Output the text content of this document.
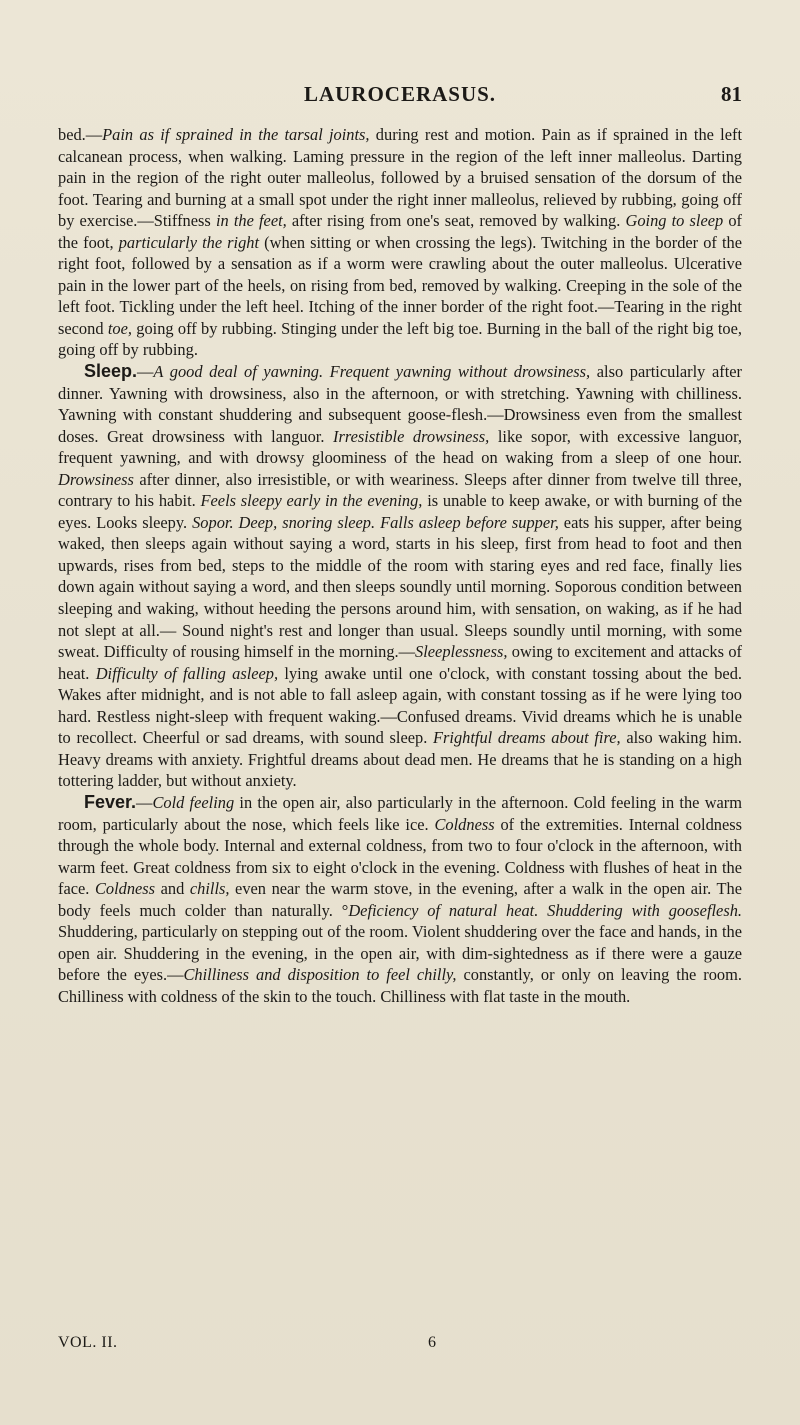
LAUROCERASUS.	81

bed.—Pain as if sprained in the tarsal joints, during rest and motion. Pain as if sprained in the left calcanean process, when walking. Laming pressure in the region of the left inner malleolus. Darting pain in the region of the right outer malleolus, followed by a bruised sensation of the dorsum of the foot. Tearing and burning at a small spot under the right inner malleolus, relieved by rubbing, going off by exercise.—Stiffness in the feet, after rising from one's seat, removed by walking. Going to sleep of the foot, particularly the right (when sitting or when crossing the legs). Twitching in the border of the right foot, followed by a sensation as if a worm were crawling about the outer malleolus. Ulcerative pain in the lower part of the heels, on rising from bed, removed by walking. Creeping in the sole of the left foot. Tickling under the left heel. Itching of the inner border of the right foot.—Tearing in the right second toe, going off by rubbing. Stinging under the left big toe. Burning in the ball of the right big toe, going off by rubbing.

Sleep.—A good deal of yawning. Frequent yawning without drowsiness, also particularly after dinner. Yawning with drowsiness, also in the afternoon, or with stretching. Yawning with chilliness. Yawning with constant shuddering and subsequent goose-flesh.—Drowsiness even from the smallest doses. Great drowsiness with languor. Irresistible drowsiness, like sopor, with excessive languor, frequent yawning, and with drowsy gloominess of the head on waking from a sleep of one hour. Drowsiness after dinner, also irresistible, or with weariness. Sleeps after dinner from twelve till three, contrary to his habit. Feels sleepy early in the evening, is unable to keep awake, or with burning of the eyes. Looks sleepy. Sopor. Deep, snoring sleep. Falls asleep before supper, eats his supper, after being waked, then sleeps again without saying a word, starts in his sleep, first from head to foot and then upwards, rises from bed, steps to the middle of the room with staring eyes and red face, finally lies down again without saying a word, and then sleeps soundly until morning. Soporous condition between sleeping and waking, without heeding the persons around him, with sensation, on waking, as if he had not slept at all.— Sound night's rest and longer than usual. Sleeps soundly until morning, with some sweat. Difficulty of rousing himself in the morning.—Sleeplessness, owing to excitement and attacks of heat. Difficulty of falling asleep, lying awake until one o'clock, with constant tossing about the bed. Wakes after midnight, and is not able to fall asleep again, with constant tossing as if he were lying too hard. Restless night-sleep with frequent waking.—Confused dreams. Vivid dreams which he is unable to recollect. Cheerful or sad dreams, with sound sleep. Frightful dreams about fire, also waking him. Heavy dreams with anxiety. Frightful dreams about dead men. He dreams that he is standing on a high tottering ladder, but without anxiety.

Fever.—Cold feeling in the open air, also particularly in the afternoon. Cold feeling in the warm room, particularly about the nose, which feels like ice. Coldness of the extremities. Internal coldness through the whole body. Internal and external coldness, from two to four o'clock in the afternoon, with warm feet. Great coldness from six to eight o'clock in the evening. Coldness with flushes of heat in the face. Coldness and chills, even near the warm stove, in the evening, after a walk in the open air. The body feels much colder than naturally. °Deficiency of natural heat. Shuddering with gooseflesh. Shuddering, particularly on stepping out of the room. Violent shuddering over the face and hands, in the open air. Shuddering in the evening, in the open air, with dim-sightedness as if there were a gauze before the eyes.—Chilliness and disposition to feel chilly, constantly, or only on leaving the room. Chilliness with coldness of the skin to the touch. Chilliness with flat taste in the mouth.

VOL. II.	6
